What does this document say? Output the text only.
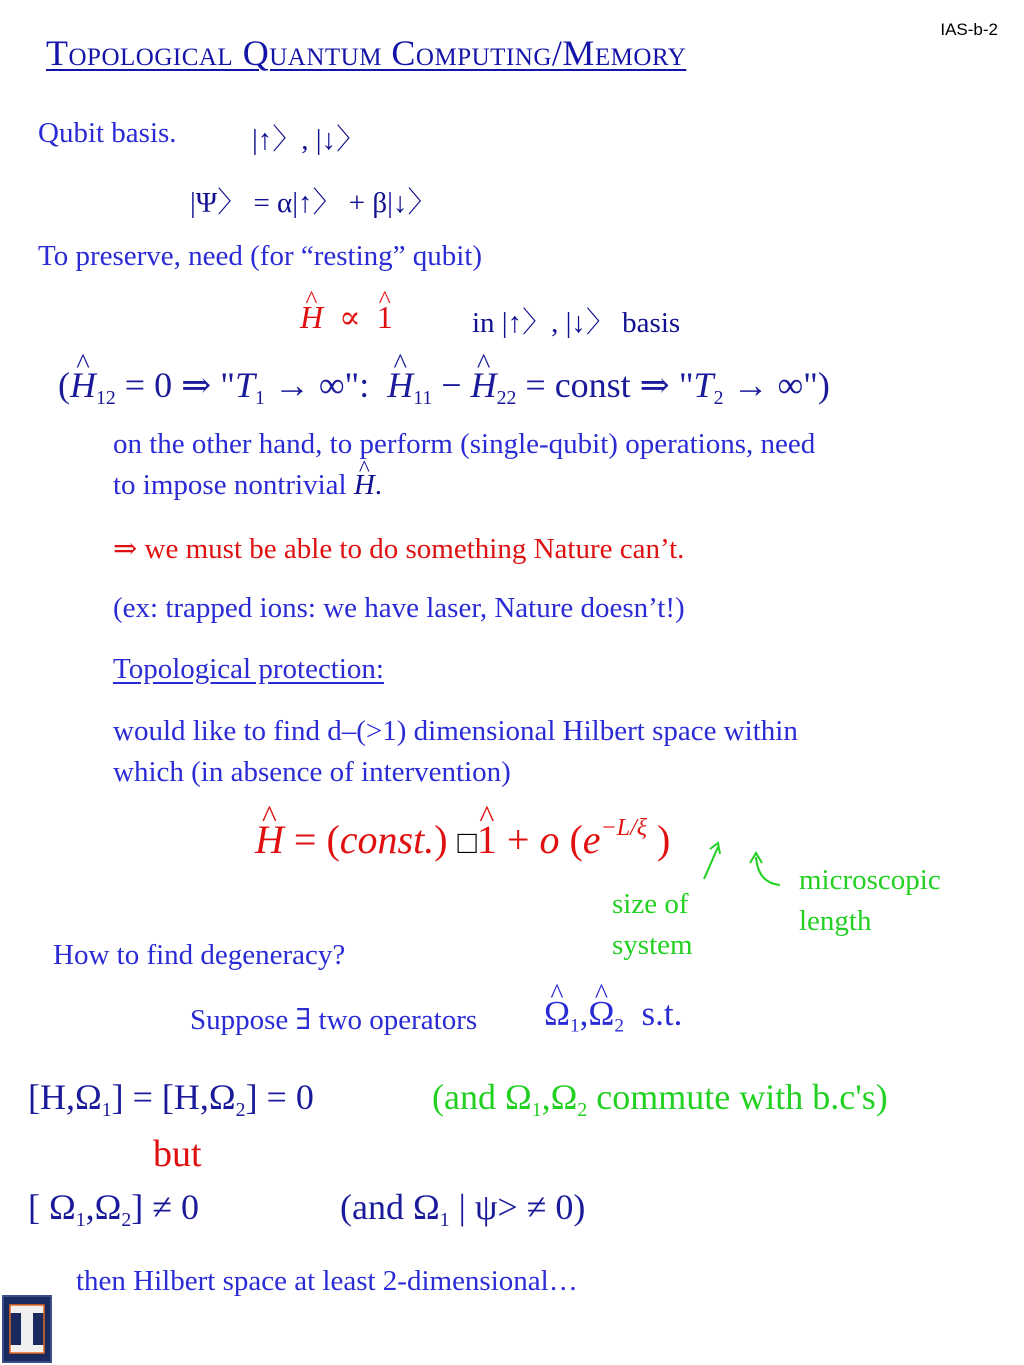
IAS-b-2
Topological Quantum Computing/Memory
Qubit basis.	|↑〉, |↓〉
|Ψ〉 = α|↑〉 + β|↓〉
To preserve, need (for “resting” qubit)
^ H ∝ ^ 1	in |↑〉, |↓〉 basis
(^ $H_{12} = 0$ ⇒ "$T_1$ → ∞": ^ $H_{11}$ − ^ $H_{22}$ = const ⇒ "$T_2$ → ∞")
on the other hand, to perform (single-qubit) operations, need
to impose nontrivial ^ H.
⇒ we must be able to do something Nature can’t.
(ex: trapped ions: we have laser, Nature doesn’t!)
Topological protection:
would like to find d–(>1) dimensional Hilbert space within
which (in absence of intervention)
^ H = (const.) □^ 1 + o ($e^{-L/\xi}$ )
size of
system
microscopic
length
How to find degeneracy?
Suppose ∃ two operators ^ $\Omega_1,\^{}$ $\Omega_2$ s.t.
$[H,\Omega_1] = [H,\Omega_2] = 0$	(and $\Omega_1,\Omega_2$ commute with b.c's)
but
[ $\Omega_1,\Omega_2] \ne 0$	(and $\Omega_1$ | ψ> ≠ 0)
then Hilbert space at least 2-dimensional…
